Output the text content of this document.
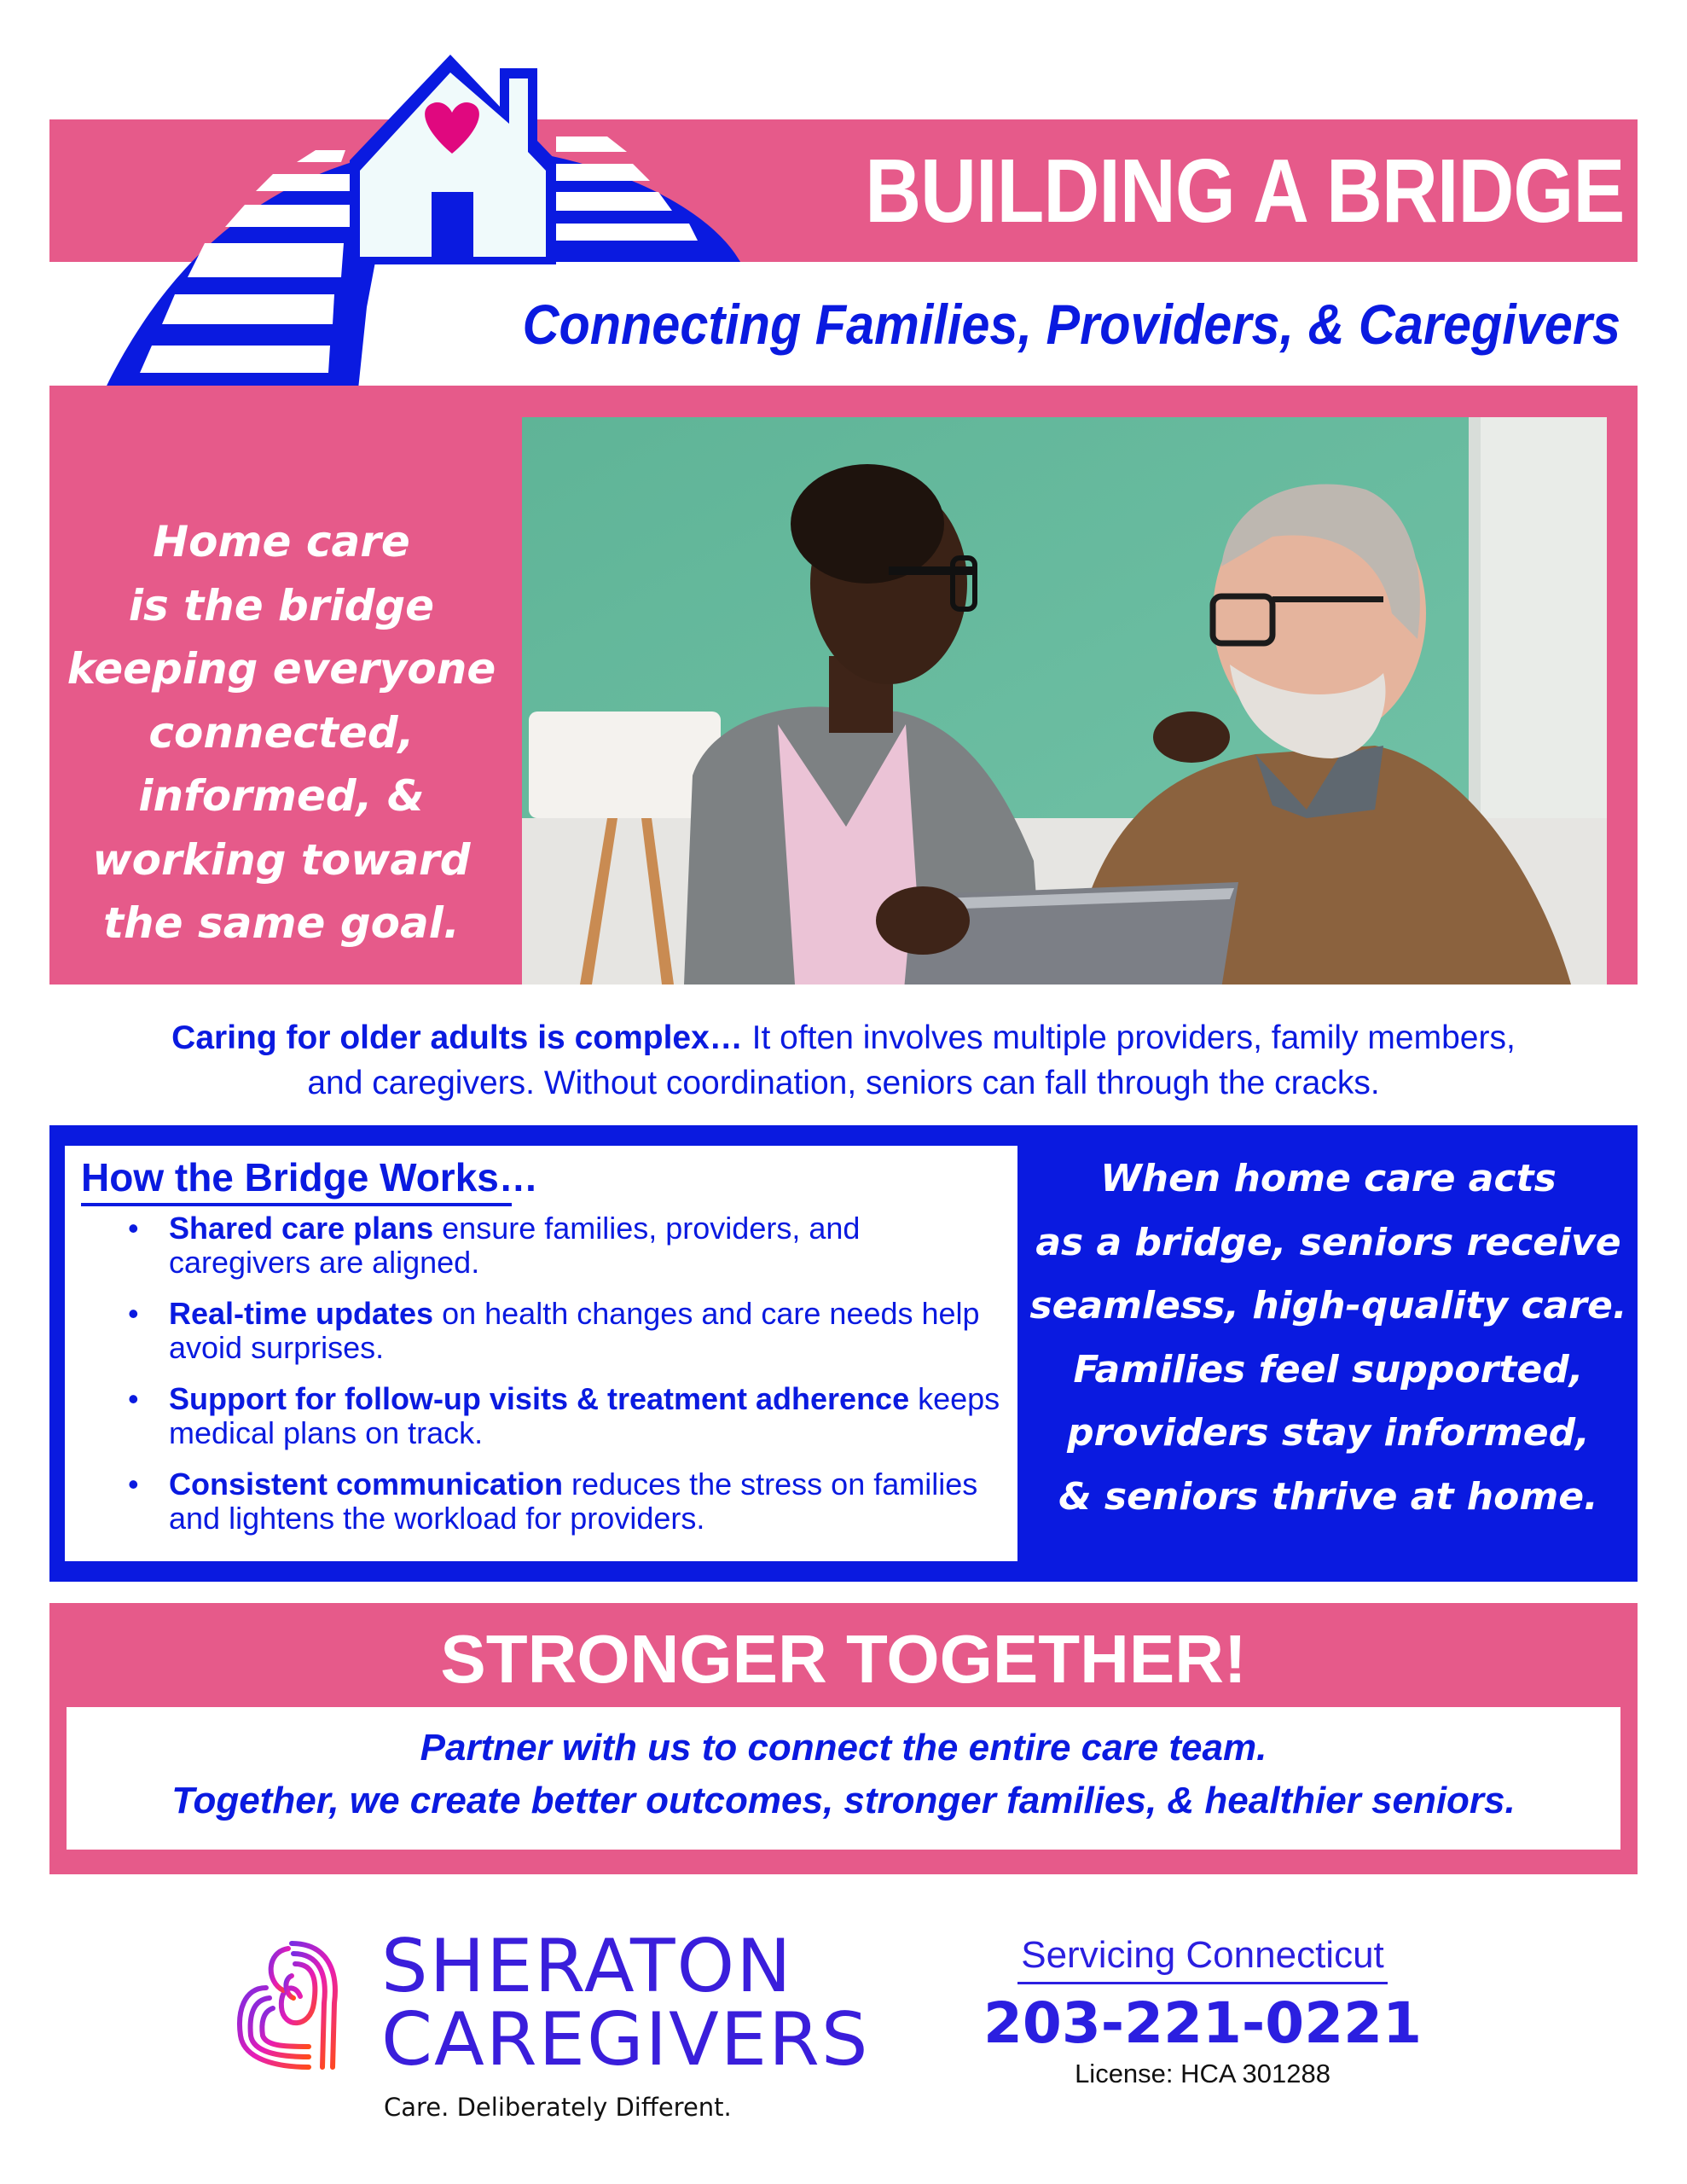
BUILDING A BRIDGE
Connecting Families, Providers, & Caregivers
Home care
is the bridge
keeping everyone
connected,
informed, &
working toward
the same goal.
Caring for older adults is complex… It often involves multiple providers, family members,
and caregivers. Without coordination, seniors can fall through the cracks.
How the Bridge Works…
• Shared care plans ensure families, providers, and caregivers are aligned.
• Real-time updates on health changes and care needs help avoid surprises.
• Support for follow-up visits & treatment adherence keeps medical plans on track.
• Consistent communication reduces the stress on families and lightens the workload for providers.
When home care acts
as a bridge, seniors receive
seamless, high-quality care.
Families feel supported,
providers stay informed,
& seniors thrive at home.
STRONGER TOGETHER!
Partner with us to connect the entire care team.
Together, we create better outcomes, stronger families, & healthier seniors.
SHERATON
CAREGIVERS
Care. Deliberately Different.
Servicing Connecticut
203-221-0221
License: HCA 301288
